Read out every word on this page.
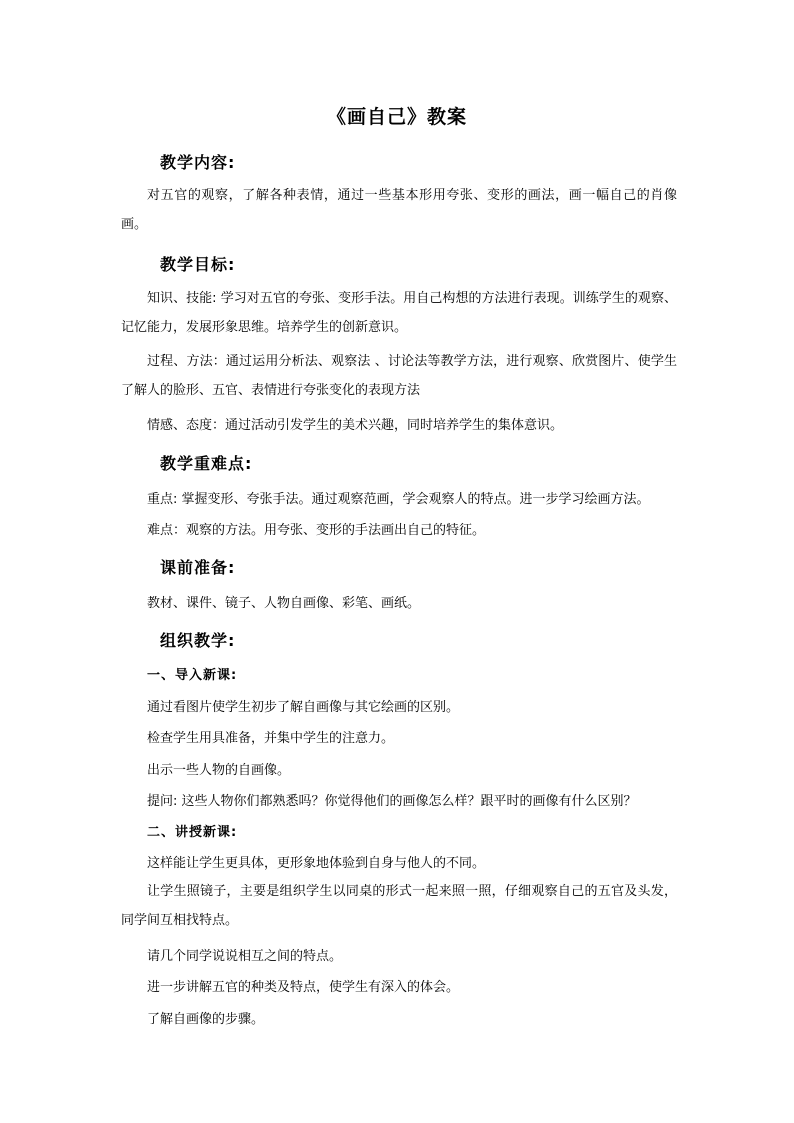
《画自己》教案
教学内容:
对五官的观察，了解各种表情，通过一些基本形用夸张、变形的画法，画一幅自己的肖像画。
教学目标:
知识、技能: 学习对五官的夸张、变形手法。用自己构想的方法进行表现。训练学生的观察、记忆能力，发展形象思维。培养学生的创新意识。
过程、方法：通过运用分析法、观察法 、讨论法等教学方法，进行观察、欣赏图片、使学生了解人的脸形、五官、表情进行夸张变化的表现方法
情感、态度：通过活动引发学生的美术兴趣，同时培养学生的集体意识。
教学重难点:
重点: 掌握变形、夸张手法。通过观察范画，学会观察人的特点。进一步学习绘画方法。
难点：观察的方法。用夸张、变形的手法画出自己的特征。
课前准备:
教材、课件、镜子、人物自画像、彩笔、画纸。
组织教学:
一、导入新课:
通过看图片使学生初步了解自画像与其它绘画的区别。
检查学生用具准备，并集中学生的注意力。
出示一些人物的自画像。
提问: 这些人物你们都熟悉吗？你觉得他们的画像怎么样？跟平时的画像有什么区别？
二、讲授新课:
这样能让学生更具体，更形象地体验到自身与他人的不同。
让学生照镜子，主要是组织学生以同桌的形式一起来照一照，仔细观察自己的五官及头发，同学间互相找特点。
请几个同学说说相互之间的特点。
进一步讲解五官的种类及特点，使学生有深入的体会。
了解自画像的步骤。
